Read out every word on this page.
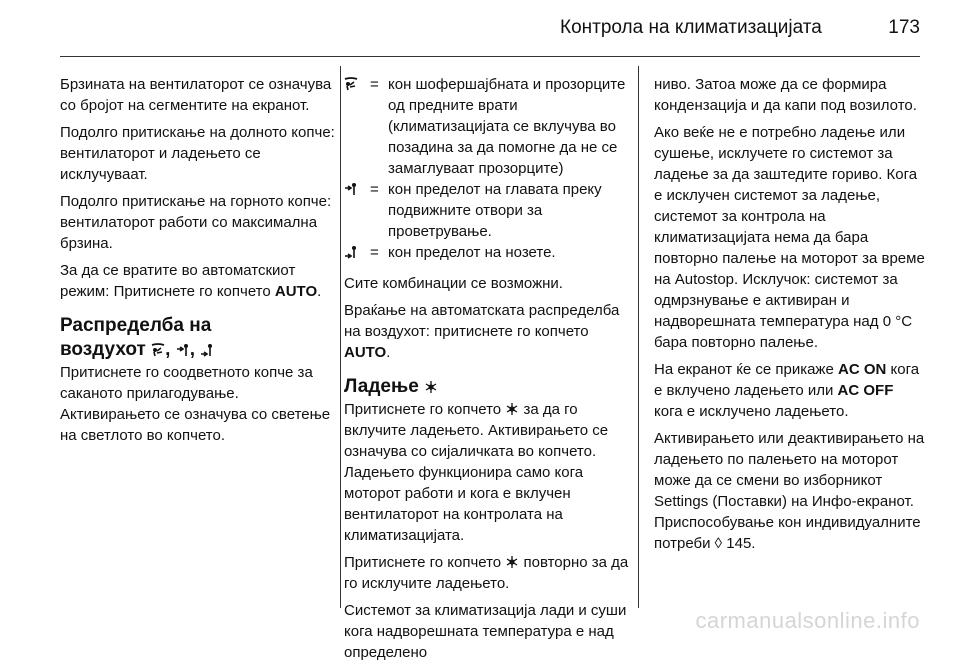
Контрола на климатизацијата	173

Брзината на вентилаторот се означува со бројот на сегментите на екранот.

Подолго притискање на долното копче: вентилаторот и ладењето се исклучуваат.

Подолго притискање на горното копче: вентилаторот работи со максимална брзина.

За да се вратите во автоматскиот режим: Притиснете го копчето AUTO.

Распределба на
воздухот , ,

Притиснете го соодветното копче за саканото прилагодување. Активирањето се означува со светење на светлото во копчето.

= кон шофершајбната и прозорците од предните врати (климатизацијата се вклучува во позадина за да помогне да не се замаглуваат прозорците)
= кон пределот на главата преку подвижните отвори за проветрување.
= кон пределот на нозете.

Сите комбинации се возможни.

Враќање на автоматската распределба на воздухот: притиснете го копчето AUTO.

Ладење

Притиснете го копчето за да го вклучите ладењето. Активирањето се означува со сијаличката во копчето. Ладењето функционира само кога моторот работи и кога е вклучен вентилаторот на контролата на климатизацијата.

Притиснете го копчето повторно за да го исклучите ладењето.

Системот за климатизација лади и суши кога надворешната температура е над определено

ниво. Затоа може да се формира кондензација и да капи под возилото.

Ако веќе не е потребно ладење или сушење, исклучете го системот за ладење за да заштедите гориво. Кога е исклучен системот за ладење, системот за контрола на климатизацијата нема да бара повторно палење на моторот за време на Autostop. Исклучок: системот за одмрзнување е активиран и надворешната температура над 0 °C бара повторно палење.

На екранот ќе се прикаже AC ON кога е вклучено ладењето или AC OFF кога е исклучено ладењето.

Активирањето или деактивирањето на ладењето по палењето на моторот може да се смени во изборникот Settings (Поставки) на Инфо-екранот. Приспособување кон индивидуалните потреби ◊ 145.

carmanualsonline.info
